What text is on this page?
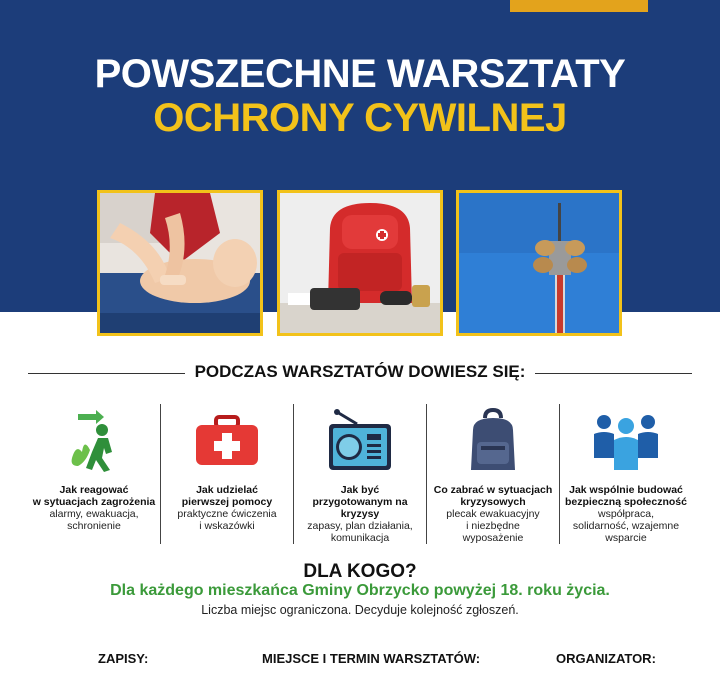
POWSZECHNE WARSZTATY
OCHRONY CYWILNEJ
PODCZAS WARSZTATÓW DOWIESZ SIĘ:
Jak reagować
w sytuacjach zagrożenia
alarmy, ewakuacja,
schronienie
Jak udzielać
pierwszej pomocy
praktyczne ćwiczenia
i wskazówki
Jak być
przygotowanym na
kryzysy
zapasy, plan działania,
komunikacja
Co zabrać w sytuacjach
kryzysowych
plecak ewakuacyjny
i niezbędne
wyposażenie
Jak wspólnie budować
bezpieczną społeczność
współpraca,
solidarność, wzajemne
wsparcie
DLA KOGO?
Dla każdego mieszkańca Gminy Obrzycko powyżej 18. roku życia.
Liczba miejsc ograniczona. Decyduje kolejność zgłoszeń.
ZAPISY:	MIEJSCE I TERMIN WARSZTATÓW:	ORGANIZATOR:
